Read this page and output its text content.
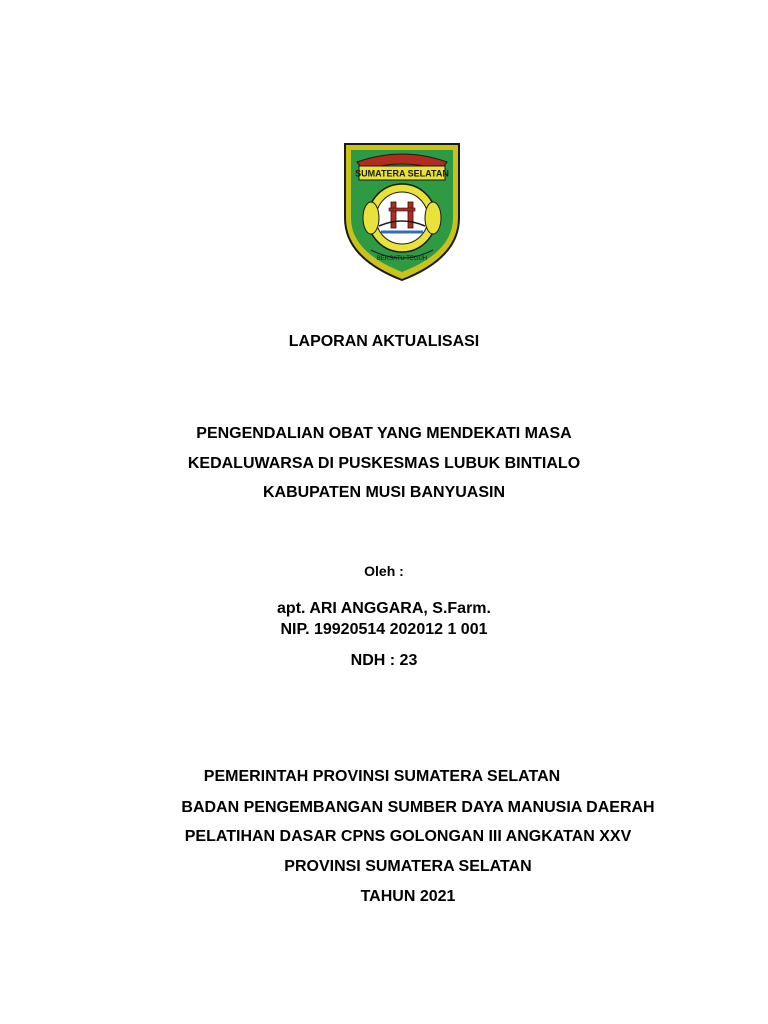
SUMATERA SELATAN
BERSATU TEGUH
LAPORAN AKTUALISASI
PENGENDALIAN OBAT YANG MENDEKATI MASA
KEDALUWARSA DI PUSKESMAS LUBUK BINTIALO
KABUPATEN MUSI BANYUASIN
Oleh :
apt. ARI ANGGARA, S.Farm.
NIP. 19920514 202012 1 001
NDH : 23
PEMERINTAH PROVINSI SUMATERA SELATAN
BADAN PENGEMBANGAN SUMBER DAYA MANUSIA DAERAH
PELATIHAN DASAR CPNS GOLONGAN III ANGKATAN XXV
PROVINSI SUMATERA SELATAN
TAHUN 2021
